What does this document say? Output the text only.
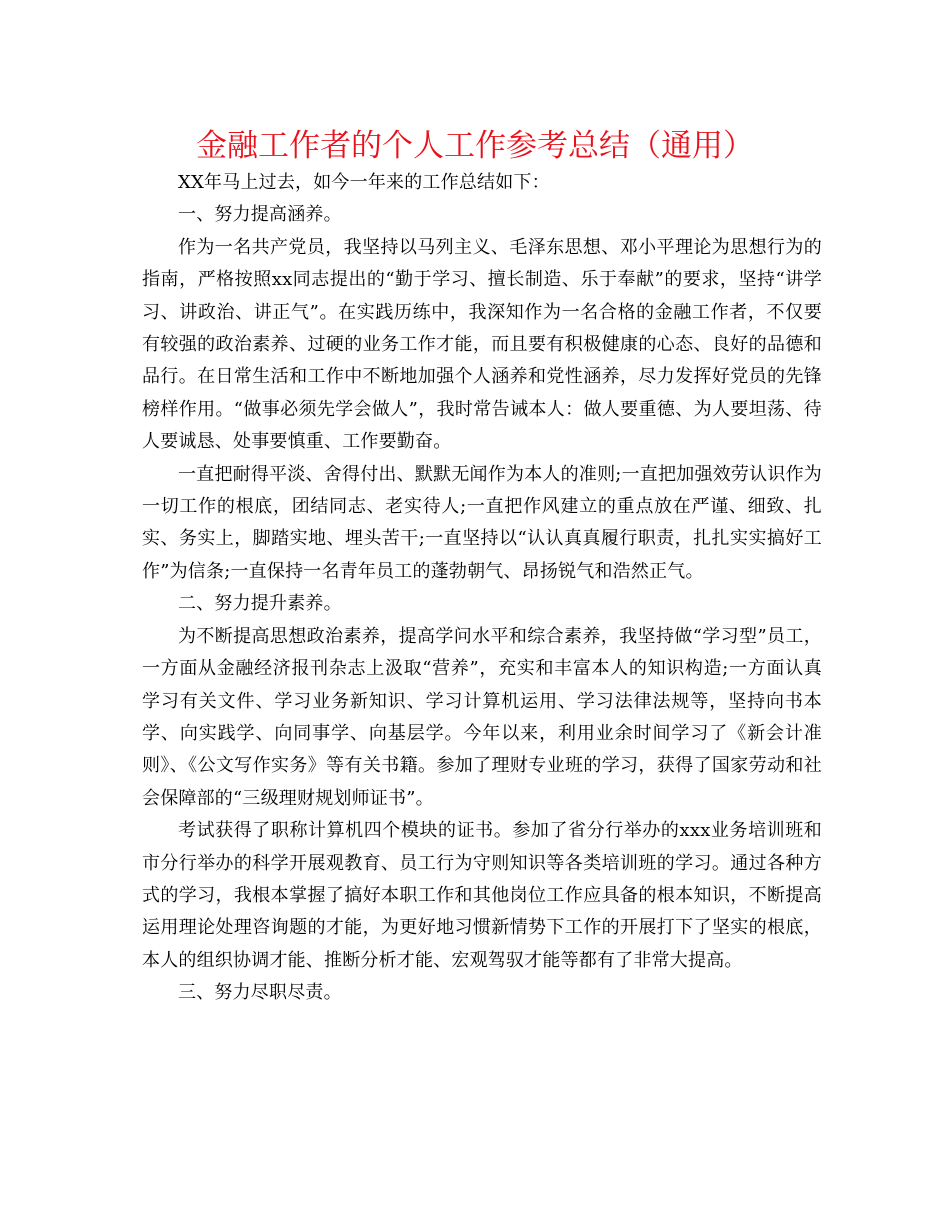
金融工作者的个人工作参考总结（通用）

XX年马上过去，如今一年来的工作总结如下：

一、努力提高涵养。

作为一名共产党员，我坚持以马列主义、毛泽东思想、邓小平理论为思想行为的指南，严格按照xx同志提出的“勤于学习、擅长制造、乐于奉献”的要求，坚持“讲学习、讲政治、讲正气”。在实践历练中，我深知作为一名合格的金融工作者，不仅要有较强的政治素养、过硬的业务工作才能，而且要有积极健康的心态、良好的品德和品行。在日常生活和工作中不断地加强个人涵养和党性涵养，尽力发挥好党员的先锋榜样作用。“做事必须先学会做人”，我时常告诫本人：做人要重德、为人要坦荡、待人要诚恳、处事要慎重、工作要勤奋。

一直把耐得平淡、舍得付出、默默无闻作为本人的准则;一直把加强效劳认识作为一切工作的根底，团结同志、老实待人;一直把作风建立的重点放在严谨、细致、扎实、务实上，脚踏实地、埋头苦干;一直坚持以“认认真真履行职责，扎扎实实搞好工作”为信条;一直保持一名青年员工的蓬勃朝气、昂扬锐气和浩然正气。

二、努力提升素养。

为不断提高思想政治素养，提高学问水平和综合素养，我坚持做“学习型”员工，一方面从金融经济报刊杂志上汲取“营养”，充实和丰富本人的知识构造;一方面认真学习有关文件、学习业务新知识、学习计算机运用、学习法律法规等，坚持向书本学、向实践学、向同事学、向基层学。今年以来，利用业余时间学习了《新会计准则》、《公文写作实务》等有关书籍。参加了理财专业班的学习，获得了国家劳动和社会保障部的“三级理财规划师证书”。

考试获得了职称计算机四个模块的证书。参加了省分行举办的xxx业务培训班和市分行举办的科学开展观教育、员工行为守则知识等各类培训班的学习。通过各种方式的学习，我根本掌握了搞好本职工作和其他岗位工作应具备的根本知识，不断提高运用理论处理咨询题的才能，为更好地习惯新情势下工作的开展打下了坚实的根底，本人的组织协调才能、推断分析才能、宏观驾驭才能等都有了非常大提高。

三、努力尽职尽责。
